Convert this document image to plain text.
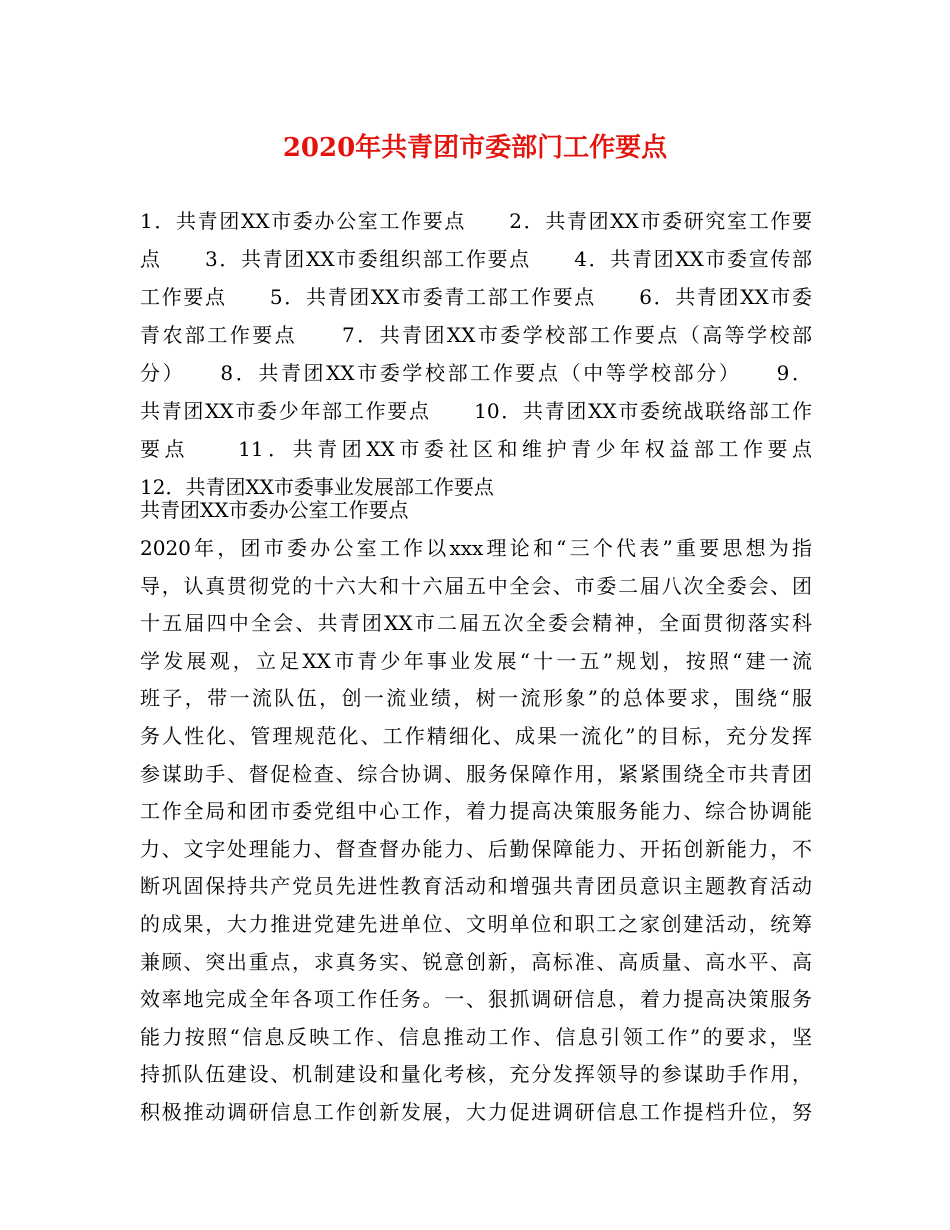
2020年共青团市委部门工作要点
1．共青团XX市委办公室工作要点　　2．共青团XX市委研究室工作要
点　　3．共青团XX市委组织部工作要点　　4．共青团XX市委宣传部
工作要点　　5．共青团XX市委青工部工作要点　　6．共青团XX市委
青农部工作要点　　7．共青团XX市委学校部工作要点（高等学校部
分）　　8．共青团XX市委学校部工作要点（中等学校部分）　　9．
共青团XX市委少年部工作要点　　10．共青团XX市委统战联络部工作
要点　　11．共青团XX市委社区和维护青少年权益部工作要点
12．共青团XX市委事业发展部工作要点
共青团XX市委办公室工作要点
2020年，团市委办公室工作以xxx理论和“三个代表”重要思想为指
导，认真贯彻党的十六大和十六届五中全会、市委二届八次全委会、团
十五届四中全会、共青团XX市二届五次全委会精神，全面贯彻落实科
学发展观，立足XX市青少年事业发展“十一五”规划，按照“建一流
班子，带一流队伍，创一流业绩，树一流形象”的总体要求，围绕“服
务人性化、管理规范化、工作精细化、成果一流化”的目标，充分发挥
参谋助手、督促检查、综合协调、服务保障作用，紧紧围绕全市共青团
工作全局和团市委党组中心工作，着力提高决策服务能力、综合协调能
力、文字处理能力、督查督办能力、后勤保障能力、开拓创新能力，不
断巩固保持共产党员先进性教育活动和增强共青团员意识主题教育活动
的成果，大力推进党建先进单位、文明单位和职工之家创建活动，统筹
兼顾、突出重点，求真务实、锐意创新，高标准、高质量、高水平、高
效率地完成全年各项工作任务。一、狠抓调研信息，着力提高决策服务
能力按照“信息反映工作、信息推动工作、信息引领工作”的要求，坚
持抓队伍建设、机制建设和量化考核，充分发挥领导的参谋助手作用，
积极推动调研信息工作创新发展，大力促进调研信息工作提档升位，努
